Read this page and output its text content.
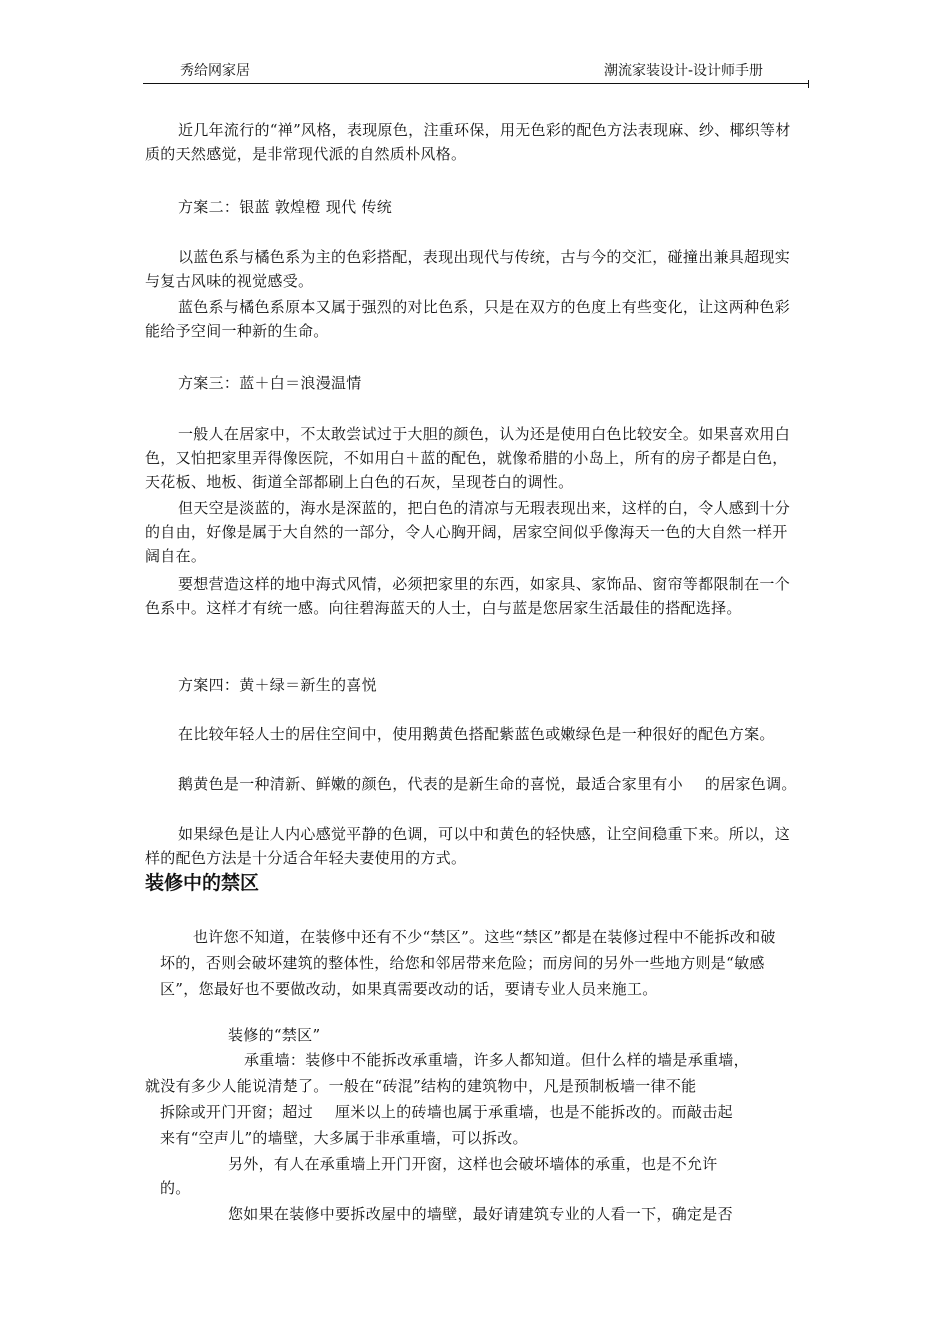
秀给网家居	潮流家装设计-设计师手册

近几年流行的“禅”风格，表现原色，注重环保，用无色彩的配色方法表现麻、纱、椰织等材质的天然感觉，是非常现代派的自然质朴风格。

方案二：银蓝 敦煌橙 现代 传统

以蓝色系与橘色系为主的色彩搭配，表现出现代与传统，古与今的交汇，碰撞出兼具超现实与复古风味的视觉感受。

蓝色系与橘色系原本又属于强烈的对比色系，只是在双方的色度上有些变化，让这两种色彩能给予空间一种新的生命。

方案三：蓝＋白＝浪漫温情

一般人在居家中，不太敢尝试过于大胆的颜色，认为还是使用白色比较安全。如果喜欢用白色，又怕把家里弄得像医院，不如用白＋蓝的配色，就像希腊的小岛上，所有的房子都是白色，天花板、地板、街道全部都刷上白色的石灰，呈现苍白的调性。

但天空是淡蓝的，海水是深蓝的，把白色的清凉与无瑕表现出来，这样的白，令人感到十分的自由，好像是属于大自然的一部分，令人心胸开阔，居家空间似乎像海天一色的大自然一样开阔自在。

要想营造这样的地中海式风情，必须把家里的东西，如家具、家饰品、窗帘等都限制在一个色系中。这样才有统一感。向往碧海蓝天的人士，白与蓝是您居家生活最佳的搭配选择。

方案四：黄＋绿＝新生的喜悦

在比较年轻人士的居住空间中，使用鹅黄色搭配紫蓝色或嫩绿色是一种很好的配色方案。

鹅黄色是一种清新、鲜嫩的颜色，代表的是新生命的喜悦，最适合家里有小 的居家色调。

如果绿色是让人内心感觉平静的色调，可以中和黄色的轻快感，让空间稳重下来。所以，这样的配色方法是十分适合年轻夫妻使用的方式。

装修中的禁区

也许您不知道，在装修中还有不少“禁区”。这些“禁区”都是在装修过程中不能拆改和破坏的，否则会破坏建筑的整体性，给您和邻居带来危险；而房间的另外一些地方则是“敏感区”，您最好也不要做改动，如果真需要改动的话，要请专业人员来施工。

装修的“禁区”

承重墙：装修中不能拆改承重墙，许多人都知道。但什么样的墙是承重墙，

就没有多少人能说清楚了。一般在“砖混”结构的建筑物中，凡是预制板墙一律不能

拆除或开门开窗；超过 厘米以上的砖墙也属于承重墙，也是不能拆改的。而敲击起

来有“空声儿”的墙壁，大多属于非承重墙，可以拆改。

另外，有人在承重墙上开门开窗，这样也会破坏墙体的承重，也是不允许

的。

您如果在装修中要拆改屋中的墙壁，最好请建筑专业的人看一下，确定是否
